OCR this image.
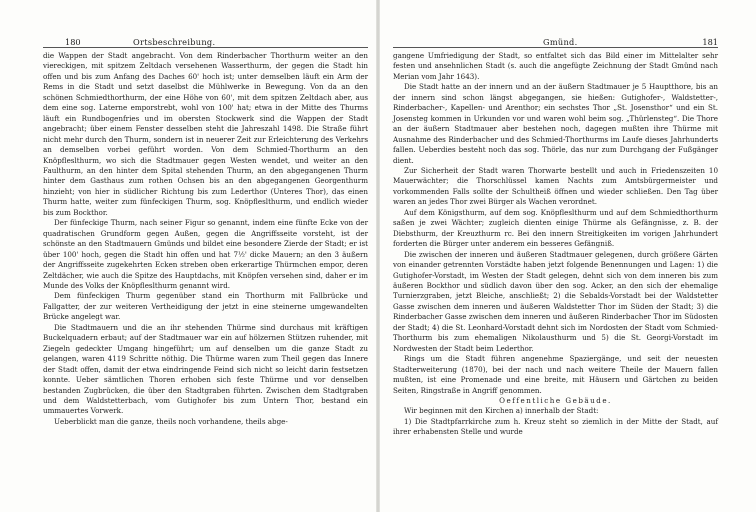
180	Ortsbeschreibung.

die Wappen der Stadt angebracht. Von dem Rinderbacher Thorthurm weiter an den viereckigen, mit spitzem Zeltdach versehenen Wasserthurm, der gegen die Stadt hin offen und bis zum Anfang des Daches 60' hoch ist; unter demselben läuft ein Arm der Rems in die Stadt und setzt daselbst die Mühlwerke in Bewegung. Von da an den schönen Schmiedthorthurm, der eine Höhe von 60', mit dem spitzen Zeltdach aber, aus dem eine sog. Laterne emporstrebt, wohl von 100' hat; etwa in der Mitte des Thurms läuft ein Rundbogenfries und im obersten Stockwerk sind die Wappen der Stadt angebracht; über einem Fenster desselben steht die Jahreszahl 1498. Die Straße führt nicht mehr durch den Thurm, sondern ist in neuerer Zeit zur Erleichterung des Verkehrs an demselben vorbei geführt worden. Von dem Schmied-Thorthurm an den Knöpfleslthurm, wo sich die Stadtmauer gegen Westen wendet, und weiter an den Faulthurm, an den hinter dem Spital stehenden Thurm, an den abgegangenen Thurm hinter dem Gasthaus zum rothen Ochsen bis an den abgegangenen Georgenthurm hinzieht; von hier in südlicher Richtung bis zum Lederthor (Unteres Thor), das einen Thurm hatte, weiter zum fünfeckigen Thurm, sog. Knöpfleslthurm, und endlich wieder bis zum Bockthor.

Der fünfeckige Thurm, nach seiner Figur so genannt, indem eine fünfte Ecke von der quadratischen Grundform gegen Außen, gegen die Angriffsseite vorsteht, ist der schönste an den Stadtmauern Gmünds und bildet eine besondere Zierde der Stadt; er ist über 100' hoch, gegen die Stadt hin offen und hat 7½' dicke Mauern; an den 3 äußern der Angriffsseite zugekehrten Ecken streben oben erkerartige Thürmchen empor, deren Zeltdächer, wie auch die Spitze des Hauptdachs, mit Knöpfen versehen sind, daher er im Munde des Volks der Knöpfleslthurm genannt wird.

Dem fünfeckigen Thurm gegenüber stand ein Thorthurm mit Fallbrücke und Fallgatter, der zur weiteren Vertheidigung der jetzt in eine steinerne umgewandelten Brücke angelegt war.

Die Stadtmauern und die an ihr stehenden Thürme sind durchaus mit kräftigen Buckelquadern erbaut; auf der Stadtmauer war ein auf hölzernen Stützen ruhender, mit Ziegeln gedeckter Umgang hingeführt; um auf denselben um die ganze Stadt zu gelangen, waren 4119 Schritte nöthig. Die Thürme waren zum Theil gegen das Innere der Stadt offen, damit der etwa eindringende Feind sich nicht so leicht darin festsetzen konnte. Ueber sämtlichen Thoren erhoben sich feste Thürme und vor denselben bestanden Zugbrücken, die über den Stadtgraben führten. Zwischen dem Stadtgraben und dem Waldstetterbach, vom Gutighofer bis zum Untern Thor, bestand ein ummauertes Vorwerk.

Ueberblickt man die ganze, theils noch vorhandene, theils abge-

Gmünd.	181

gangene Umfriedigung der Stadt, so entfaltet sich das Bild einer im Mittelalter sehr festen und ansehnlichen Stadt (s. auch die angefügte Zeichnung der Stadt Gmünd nach Merian vom Jahr 1643).

Die Stadt hatte an der innern und an der äußern Stadtmauer je 5 Hauptthore, bis an der innern sind schon längst abgegangen, sie hießen: Gutighofer-, Waldstetter-, Rinderbacher-, Kapellen- und Arenthor; ein sechstes Thor „St. Josensthor“ und ein St. Josensteg kommen in Urkunden vor und waren wohl beim sog. „Thürlensteg“. Die Thore an der äußern Stadtmauer aber bestehen noch, dagegen mußten ihre Thürme mit Ausnahme des Rinderbacher und des Schmied-Thorthurms im Laufe dieses Jahrhunderts fallen. Ueberdies besteht noch das sog. Thörle, das nur zum Durchgang der Fußgänger dient.

Zur Sicherheit der Stadt waren Thorwarte bestellt und auch in Friedenszeiten 10 Mauerwächter; die Thorschlüssel kamen Nachts zum Amtsbürgermeister und vorkommenden Falls sollte der Schultheiß öffnen und wieder schließen. Den Tag über waren an jedes Thor zwei Bürger als Wachen verordnet.

Auf dem Königsthurm, auf dem sog. Knöpfleslthurm und auf dem Schmiedthorthurm saßen je zwei Wächter; zugleich dienten einige Thürme als Gefängnisse, z. B. der Diebsthurm, der Kreuzthurm rc. Bei den innern Streitigkeiten im vorigen Jahrhundert forderten die Bürger unter anderem ein besseres Gefängniß.

Die zwischen der inneren und äußeren Stadtmauer gelegenen, durch größere Gärten von einander getrennten Vorstädte haben jetzt folgende Benennungen und Lagen: 1) die Gutighofer-Vorstadt, im Westen der Stadt gelegen, dehnt sich von dem inneren bis zum äußeren Bockthor und südlich davon über den sog. Acker, an den sich der ehemalige Turnierzgraben, jetzt Bleiche, anschließt; 2) die Sebalds-Vorstadt bei der Waldstetter Gasse zwischen dem inneren und äußeren Waldstetter Thor im Süden der Stadt; 3) die Rinderbacher Gasse zwischen dem inneren und äußeren Rinderbacher Thor im Südosten der Stadt; 4) die St. Leonhard-Vorstadt dehnt sich im Nordosten der Stadt vom Schmied-Thorthurm bis zum ehemaligen Nikolausthurm und 5) die St. Georgi-Vorstadt im Nordwesten der Stadt beim Lederthor.

Rings um die Stadt führen angenehme Spaziergänge, und seit der neuesten Stadterweiterung (1870), bei der nach und nach weitere Theile der Mauern fallen mußten, ist eine Promenade und eine breite, mit Häusern und Gärtchen zu beiden Seiten, Ringstraße in Angriff genommen.

Oeffentliche Gebäude.

Wir beginnen mit den Kirchen a) innerhalb der Stadt:

1) Die Stadtpfarrkirche zum h. Kreuz steht so ziemlich in der Mitte der Stadt, auf ihrer erhabensten Stelle und wurde
